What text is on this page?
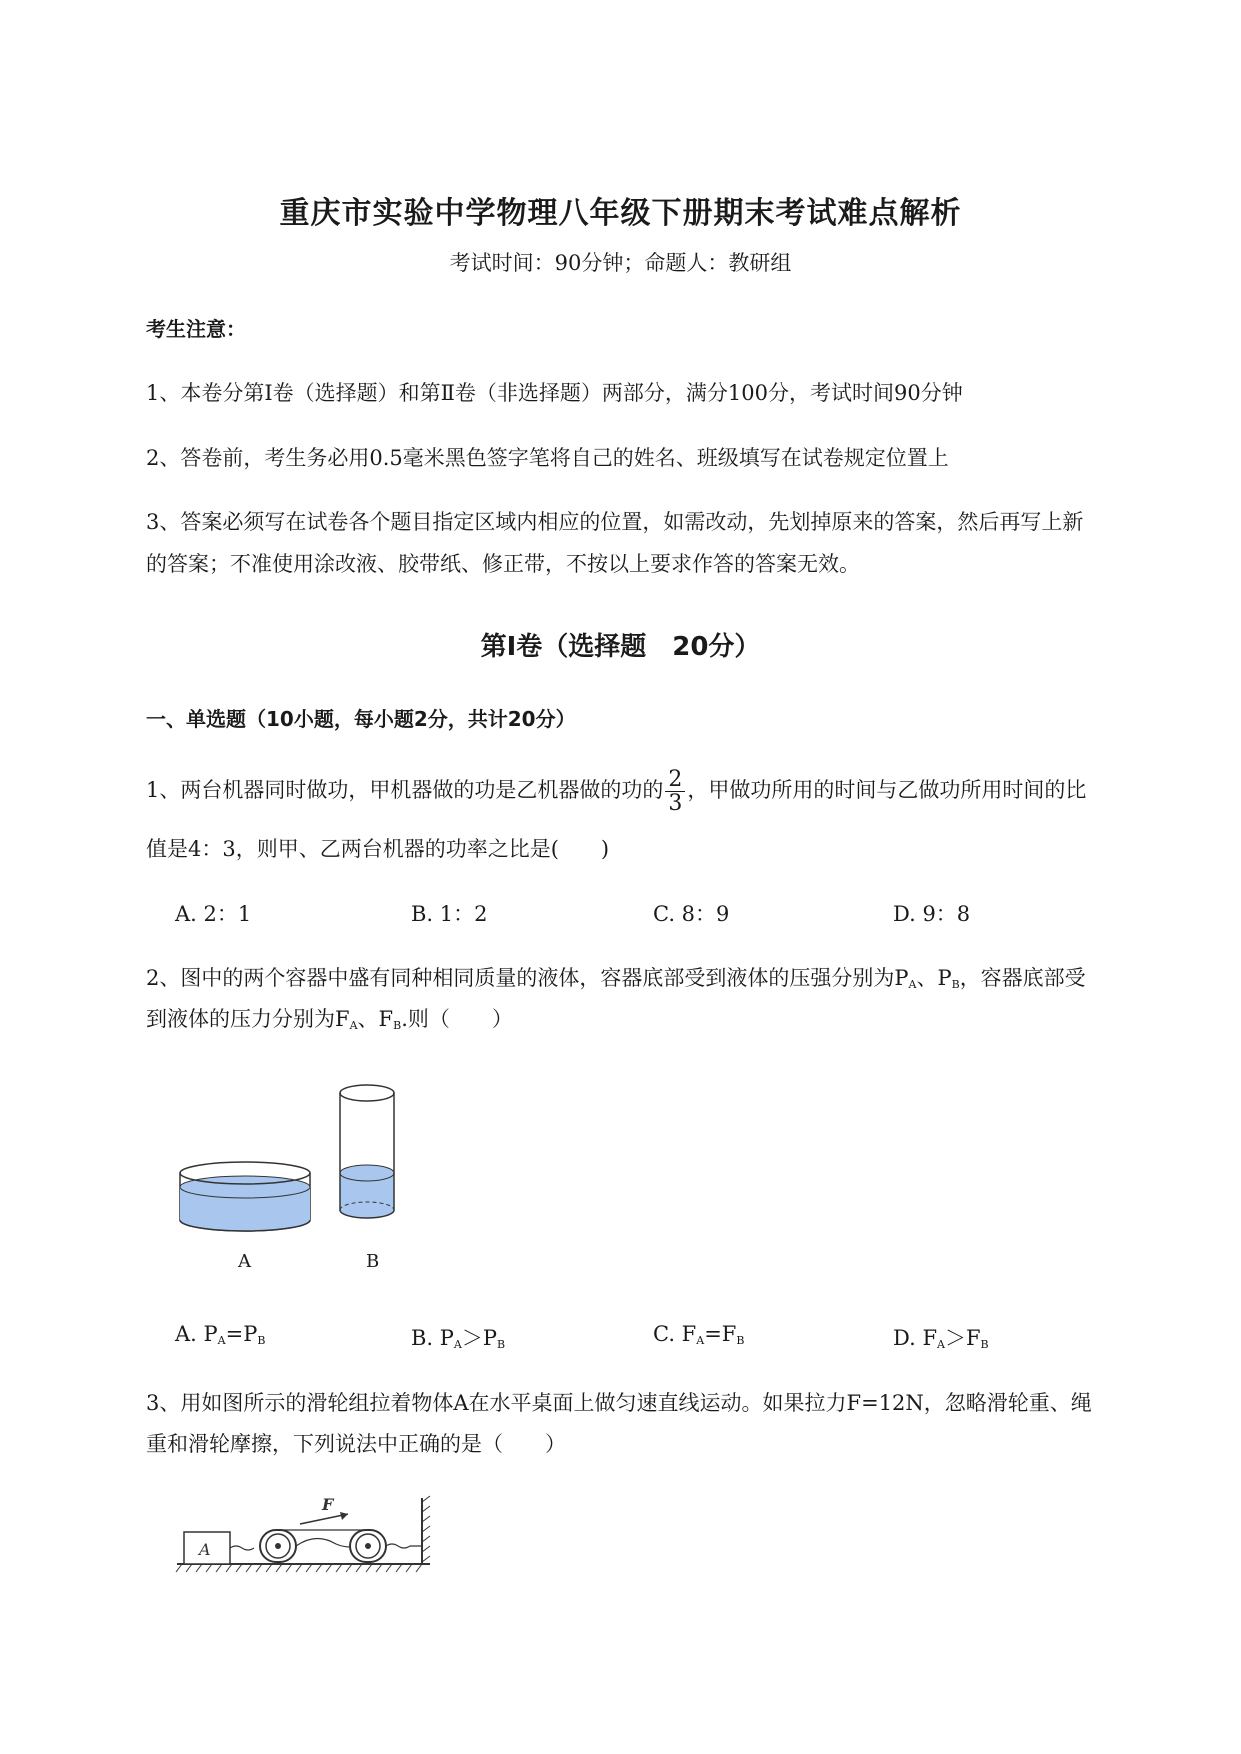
重庆市实验中学物理八年级下册期末考试难点解析
考试时间：90分钟；命题人：教研组
考生注意：
1、本卷分第I卷（选择题）和第Ⅱ卷（非选择题）两部分，满分100分，考试时间90分钟
2、答卷前，考生务必用0.5毫米黑色签字笔将自己的姓名、班级填写在试卷规定位置上
3、答案必须写在试卷各个题目指定区域内相应的位置，如需改动，先划掉原来的答案，然后再写上新
的答案；不准使用涂改液、胶带纸、修正带，不按以上要求作答的答案无效。
第I卷（选择题　20分）
一、单选题（10小题，每小题2分，共计20分）
1、两台机器同时做功，甲机器做的功是乙机器做的功的 $\frac{2}{3}$ ，甲做功所用的时间与乙做功所用时间的比
值是4：3，则甲、乙两台机器的功率之比是(　　)
A. 2：1	B. 1：2	C. 8：9	D. 9：8
2、图中的两个容器中盛有同种相同质量的液体，容器底部受到液体的压强分别为$P_A$、$P_B$，容器底部受
到液体的压力分别为$F_A$、$F_B$.则（　　）
A	B
A. $P_A=P_B$	B. $P_A>P_B$	C. $F_A=F_B$	D. $F_A>F_B$
3、用如图所示的滑轮组拉着物体A在水平桌面上做匀速直线运动。如果拉力F=12N，忽略滑轮重、绳
重和滑轮摩擦，下列说法中正确的是（　　）
A
F
